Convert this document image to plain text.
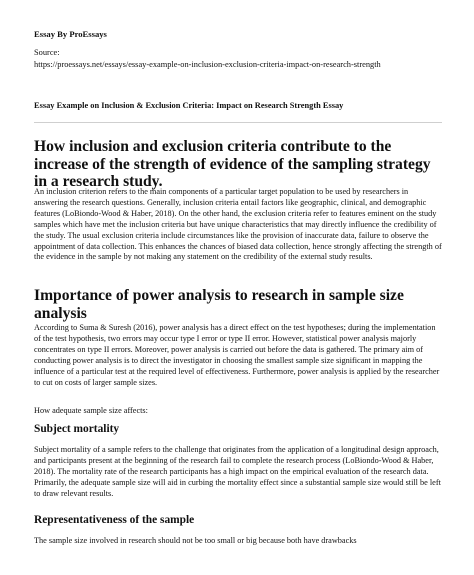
Essay By ProEssays
Source:
https://proessays.net/essays/essay-example-on-inclusion-exclusion-criteria-impact-on-research-strength
Essay Example on Inclusion & Exclusion Criteria: Impact on Research Strength Essay
How inclusion and exclusion criteria contribute to the increase of the strength of evidence of the sampling strategy in a research study.

An inclusion criterion refers to the main components of a particular target population to be used by researchers in answering the research questions. Generally, inclusion criteria entail factors like geographic, clinical, and demographic features (LoBiondo-Wood & Haber, 2018). On the other hand, the exclusion criteria refer to features eminent on the study samples which have met the inclusion criteria but have unique characteristics that may directly influence the credibility of the study. The usual exclusion criteria include circumstances like the provision of inaccurate data, failure to observe the appointment of data collection. This enhances the chances of biased data collection, hence strongly affecting the strength of the evidence in the sample by not making any statement on the credibility of the external study results.

Importance of power analysis to research in sample size analysis

According to Suma & Suresh (2016), power analysis has a direct effect on the test hypotheses; during the implementation of the test hypothesis, two errors may occur type I error or type II error. However, statistical power analysis majorly concentrates on type II errors. Moreover, power analysis is carried out before the data is gathered. The primary aim of conducting power analysis is to direct the investigator in choosing the smallest sample size significant in mapping the influence of a particular test at the required level of effectiveness. Furthermore, power analysis is applied by the researcher to cut on costs of larger sample sizes.

How adequate sample size affects:

Subject mortality

Subject mortality of a sample refers to the challenge that originates from the application of a longitudinal design approach, and participants present at the beginning of the research fail to complete the research process (LoBiondo-Wood & Haber, 2018). The mortality rate of the research participants has a high impact on the empirical evaluation of the research data. Primarily, the adequate sample size will aid in curbing the mortality effect since a substantial sample size would still be left to draw relevant results.

Representativeness of the sample

The sample size involved in research should not be too small or big because both have drawbacks
